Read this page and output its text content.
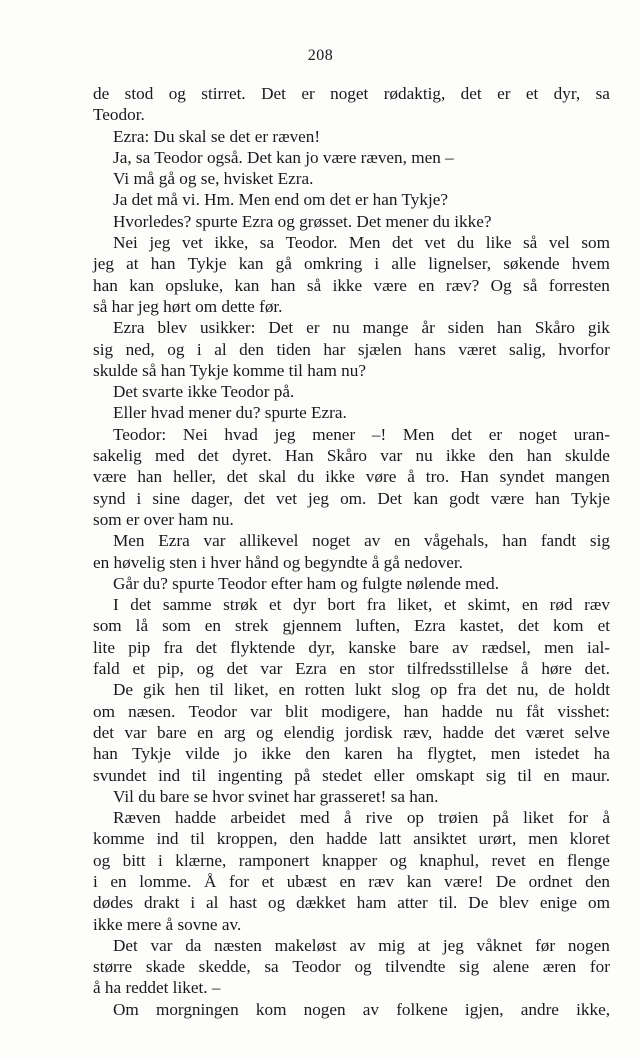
208
de stod og stirret. Det er noget rødaktig, det er et dyr, sa
Teodor.
Ezra: Du skal se det er ræven!
Ja, sa Teodor også. Det kan jo være ræven, men –
Vi må gå og se, hvisket Ezra.
Ja det må vi. Hm. Men end om det er han Tykje?
Hvorledes? spurte Ezra og grøsset. Det mener du ikke?
Nei jeg vet ikke, sa Teodor. Men det vet du like så vel som
jeg at han Tykje kan gå omkring i alle lignelser, søkende hvem
han kan opsluke, kan han så ikke være en ræv? Og så forresten
så har jeg hørt om dette før.
Ezra blev usikker: Det er nu mange år siden han Skåro gik
sig ned, og i al den tiden har sjælen hans været salig, hvorfor
skulde så han Tykje komme til ham nu?
Det svarte ikke Teodor på.
Eller hvad mener du? spurte Ezra.
Teodor: Nei hvad jeg mener –! Men det er noget uran-
sakelig med det dyret. Han Skåro var nu ikke den han skulde
være han heller, det skal du ikke vøre å tro. Han syndet mangen
synd i sine dager, det vet jeg om. Det kan godt være han Tykje
som er over ham nu.
Men Ezra var allikevel noget av en vågehals, han fandt sig
en høvelig sten i hver hånd og begyndte å gå nedover.
Går du? spurte Teodor efter ham og fulgte nølende med.
I det samme strøk et dyr bort fra liket, et skimt, en rød ræv
som lå som en strek gjennem luften, Ezra kastet, det kom et
lite pip fra det flyktende dyr, kanske bare av rædsel, men ial-
fald et pip, og det var Ezra en stor tilfredsstillelse å høre det.
De gik hen til liket, en rotten lukt slog op fra det nu, de holdt
om næsen. Teodor var blit modigere, han hadde nu fåt visshet:
det var bare en arg og elendig jordisk ræv, hadde det været selve
han Tykje vilde jo ikke den karen ha flygtet, men istedet ha
svundet ind til ingenting på stedet eller omskapt sig til en maur.
Vil du bare se hvor svinet har grasseret! sa han.
Ræven hadde arbeidet med å rive op trøien på liket for å
komme ind til kroppen, den hadde latt ansiktet urørt, men kloret
og bitt i klærne, ramponert knapper og knaphul, revet en flenge
i en lomme. Å for et ubæst en ræv kan være! De ordnet den
dødes drakt i al hast og dækket ham atter til. De blev enige om
ikke mere å sovne av.
Det var da næsten makeløst av mig at jeg våknet før nogen
større skade skedde, sa Teodor og tilvendte sig alene æren for
å ha reddet liket. –
Om morgningen kom nogen av folkene igjen, andre ikke,
